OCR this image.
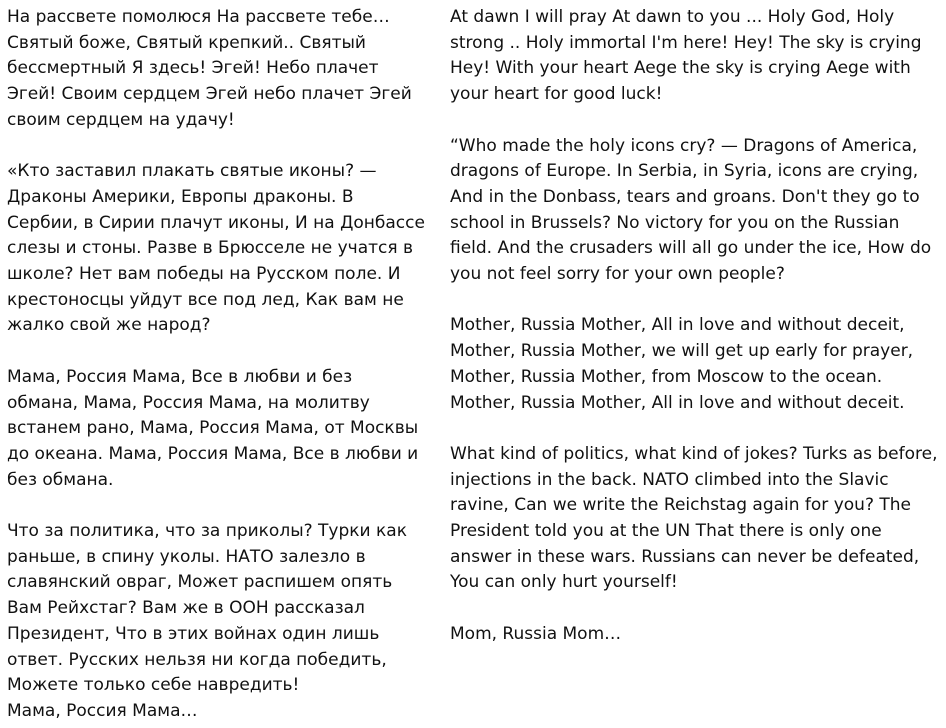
На рассвете помолюся На рассвете тебе… Святый боже, Святый крепкий.. Святый бессмертный Я здесь! Эгей! Небо плачет Эгей! Своим сердцем Эгей небо плачет Эгей своим сердцем на удачу!

«Кто заставил плакать святые иконы? — Драконы Америки, Европы драконы. В Сербии, в Сирии плачут иконы, И на Донбассе слезы и стоны. Разве в Брюсселе не учатся в школе? Нет вам победы на Русском поле. И крестоносцы уйдут все под лед, Как вам не жалко свой же народ?

Мама, Россия Мама, Все в любви и без обмана, Мама, Россия Мама, на молитву встанем рано, Мама, Россия Мама, от Москвы до океана. Мама, Россия Мама, Все в любви и без обмана.

Что за политика, что за приколы? Турки как раньше, в спину уколы. НАТО залезло в славянский овраг, Может распишем опять Вам Рейхстаг? Вам же в ООН рассказал Президент, Что в этих войнах один лишь ответ. Русских нельзя ни когда победить, Можете только себе навредить!

Мама, Россия Мама…

At dawn I will pray At dawn to you ... Holy God, Holy strong .. Holy immortal I'm here! Hey! The sky is crying Hey! With your heart Aege the sky is crying Aege with your heart for good luck!

“Who made the holy icons cry? — Dragons of America, dragons of Europe. In Serbia, in Syria, icons are crying, And in the Donbass, tears and groans. Don't they go to school in Brussels? No victory for you on the Russian field. And the crusaders will all go under the ice, How do you not feel sorry for your own people?

Mother, Russia Mother, All in love and without deceit, Mother, Russia Mother, we will get up early for prayer, Mother, Russia Mother, from Moscow to the ocean. Mother, Russia Mother, All in love and without deceit.

What kind of politics, what kind of jokes? Turks as before, injections in the back. NATO climbed into the Slavic ravine, Can we write the Reichstag again for you? The President told you at the UN That there is only one answer in these wars. Russians can never be defeated, You can only hurt yourself!

Mom, Russia Mom…
